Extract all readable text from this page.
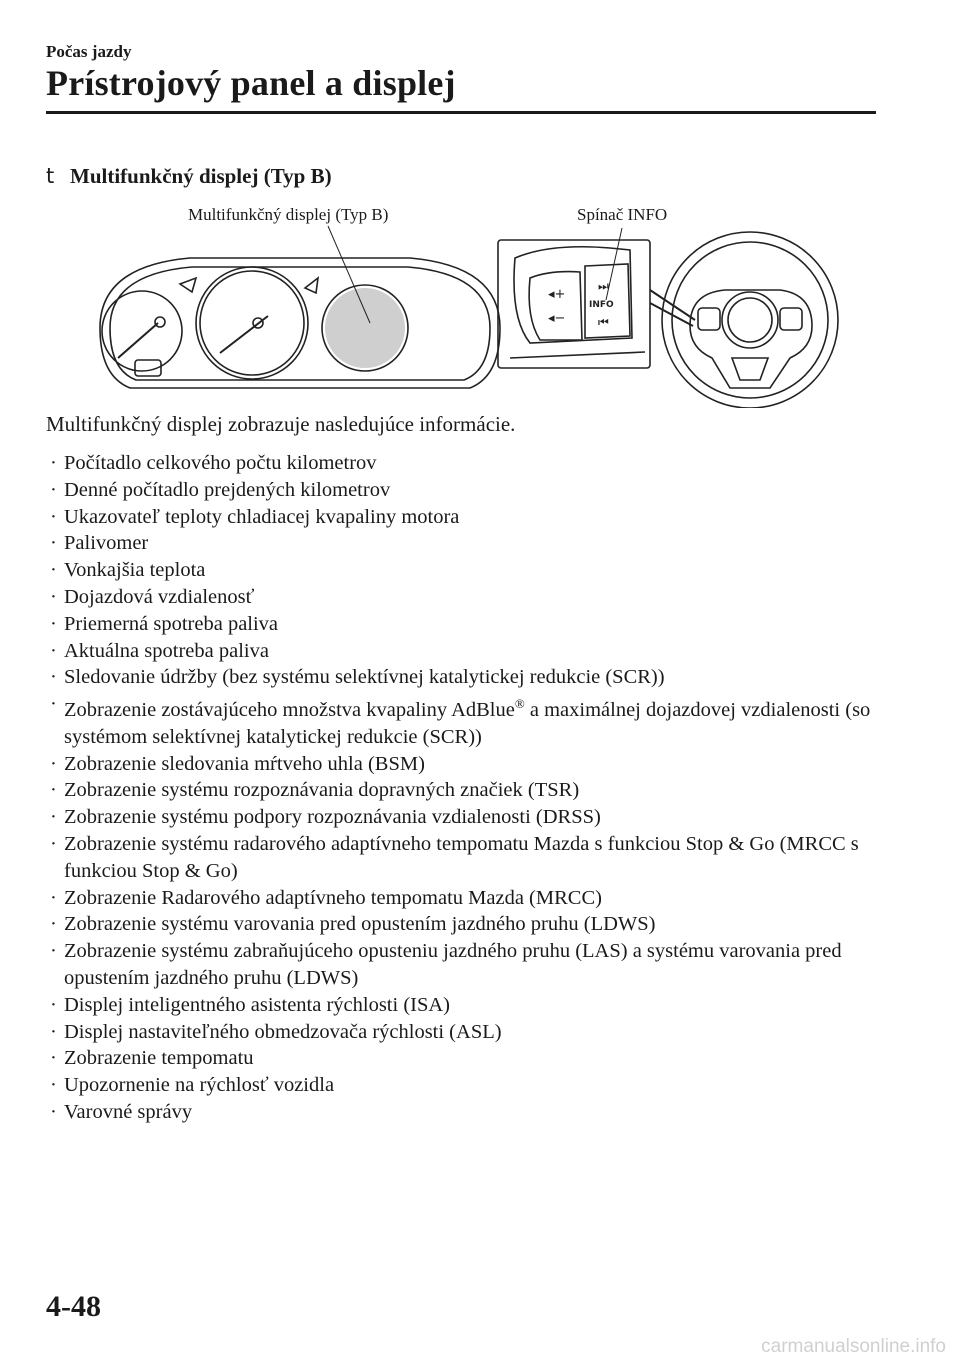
Počas jazdy
Prístrojový panel a displej
t Multifunkčný displej (Typ B)
◂+
◂−
⏭
⏮
INFO
Multifunkčný displej (Typ B)	Spínač INFO
Multifunkčný displej zobrazuje nasledujúce informácie.
· Počítadlo celkového počtu kilometrov
· Denné počítadlo prejdených kilometrov
· Ukazovateľ teploty chladiacej kvapaliny motora
· Palivomer
· Vonkajšia teplota
· Dojazdová vzdialenosť
· Priemerná spotreba paliva
· Aktuálna spotreba paliva
· Sledovanie údržby (bez systému selektívnej katalytickej redukcie (SCR))
· Zobrazenie zostávajúceho množstva kvapaliny AdBlue® a maximálnej dojazdovej vzdialenosti (so systémom selektívnej katalytickej redukcie (SCR))
· Zobrazenie sledovania mŕtveho uhla (BSM)
· Zobrazenie systému rozpoznávania dopravných značiek (TSR)
· Zobrazenie systému podpory rozpoznávania vzdialenosti (DRSS)
· Zobrazenie systému radarového adaptívneho tempomatu Mazda s funkciou Stop & Go (MRCC s funkciou Stop & Go)
· Zobrazenie Radarového adaptívneho tempomatu Mazda (MRCC)
· Zobrazenie systému varovania pred opustením jazdného pruhu (LDWS)
· Zobrazenie systému zabraňujúceho opusteniu jazdného pruhu (LAS) a systému varovania pred opustením jazdného pruhu (LDWS)
· Displej inteligentného asistenta rýchlosti (ISA)
· Displej nastaviteľného obmedzovača rýchlosti (ASL)
· Zobrazenie tempomatu
· Upozornenie na rýchlosť vozidla
· Varovné správy
4-48
carmanualsonline.info
